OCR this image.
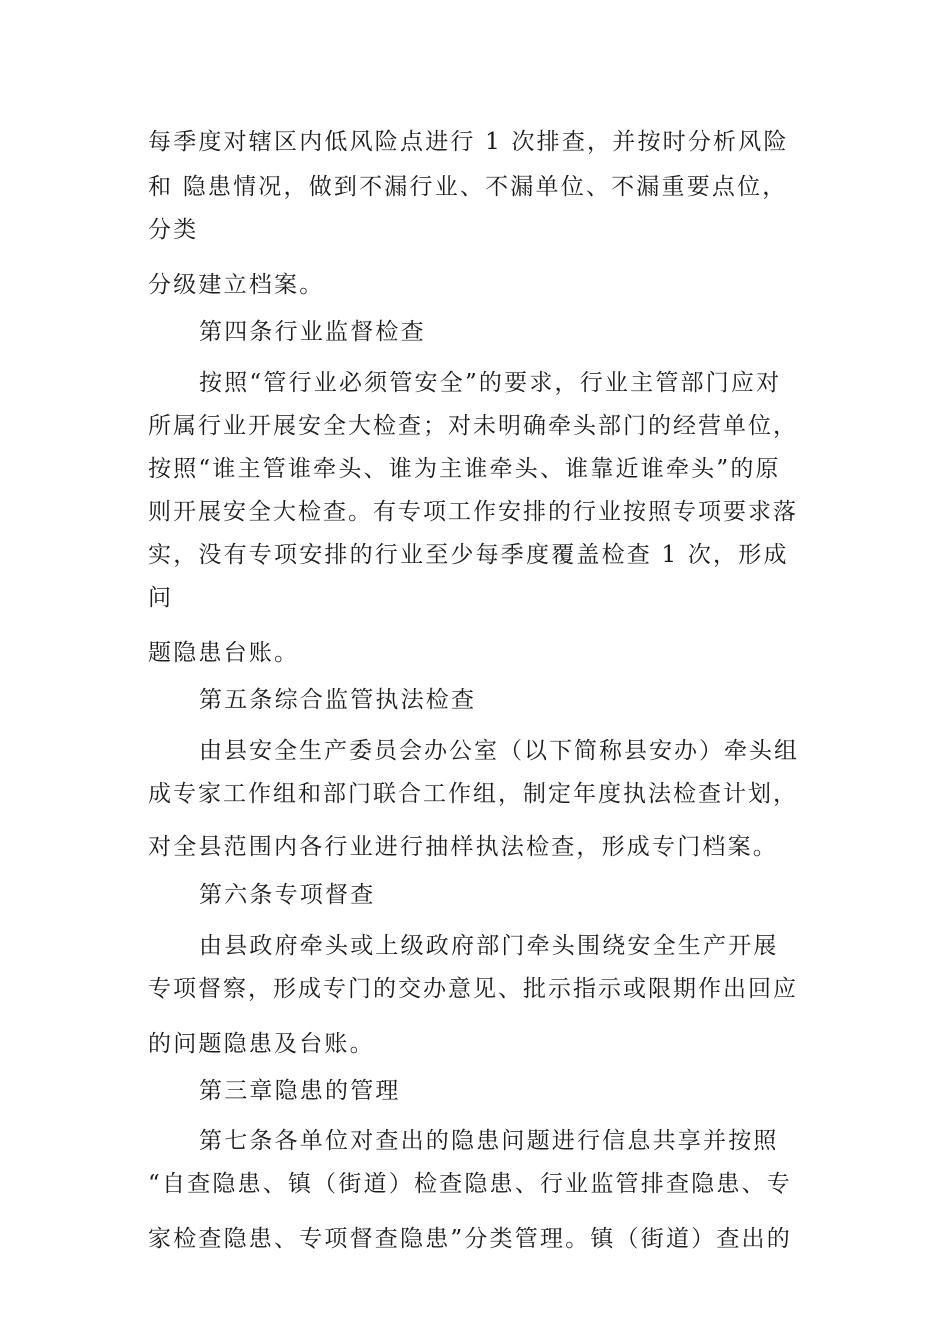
每季度对辖区内低风险点进行 1 次排查，并按时分析风险
和 隐患情况，做到不漏行业、不漏单位、不漏重要点位，
分类
分级建立档案。
第四条行业监督检查
按照“管行业必须管安全”的要求，行业主管部门应对
所属行业开展安全大检查；对未明确牵头部门的经营单位，
按照“谁主管谁牵头、谁为主谁牵头、谁靠近谁牵头”的原
则开展安全大检查。有专项工作安排的行业按照专项要求落
实，没有专项安排的行业至少每季度覆盖检查 1 次，形成
问
题隐患台账。
第五条综合监管执法检查
由县安全生产委员会办公室（以下简称县安办）牵头组
成专家工作组和部门联合工作组，制定年度执法检查计划，
对全县范围内各行业进行抽样执法检查，形成专门档案。
第六条专项督查
由县政府牵头或上级政府部门牵头围绕安全生产开展
专项督察，形成专门的交办意见、批示指示或限期作出回应
的问题隐患及台账。
第三章隐患的管理
第七条各单位对查出的隐患问题进行信息共享并按照
“自查隐患、镇（街道）检查隐患、行业监管排查隐患、专
家检查隐患、专项督查隐患”分类管理。镇（街道）查出的
